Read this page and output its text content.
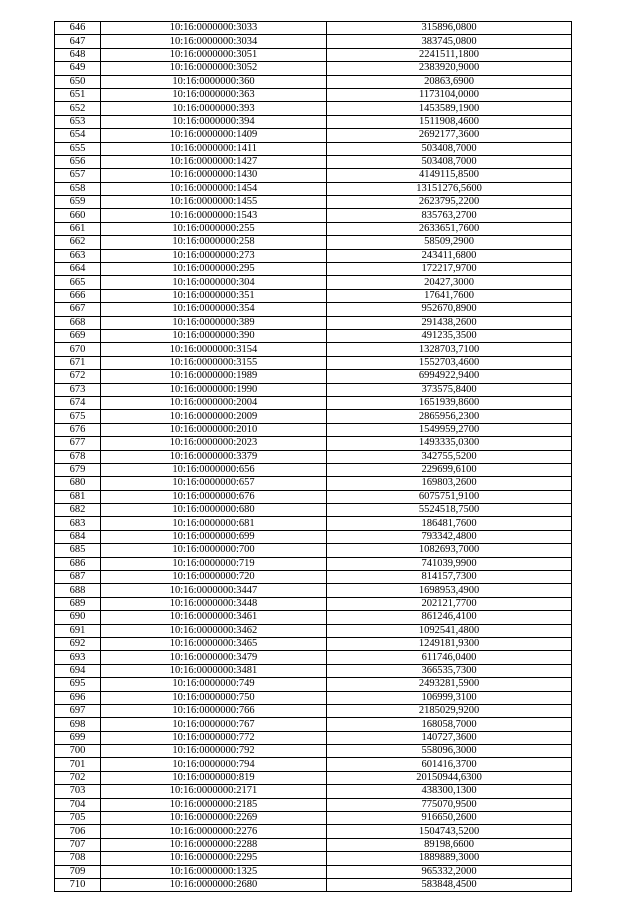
646	10:16:0000000:3033	315896,0800
647	10:16:0000000:3034	383745,0800
648	10:16:0000000:3051	2241511,1800
649	10:16:0000000:3052	2383920,9000
650	10:16:0000000:360	20863,6900
651	10:16:0000000:363	1173104,0000
652	10:16:0000000:393	1453589,1900
653	10:16:0000000:394	1511908,4600
654	10:16:0000000:1409	2692177,3600
655	10:16:0000000:1411	503408,7000
656	10:16:0000000:1427	503408,7000
657	10:16:0000000:1430	4149115,8500
658	10:16:0000000:1454	13151276,5600
659	10:16:0000000:1455	2623795,2200
660	10:16:0000000:1543	835763,2700
661	10:16:0000000:255	2633651,7600
662	10:16:0000000:258	58509,2900
663	10:16:0000000:273	243411,6800
664	10:16:0000000:295	172217,9700
665	10:16:0000000:304	20427,3000
666	10:16:0000000:351	17641,7600
667	10:16:0000000:354	952670,8900
668	10:16:0000000:389	291438,2600
669	10:16:0000000:390	491235,3500
670	10:16:0000000:3154	1328703,7100
671	10:16:0000000:3155	1552703,4600
672	10:16:0000000:1989	6994922,9400
673	10:16:0000000:1990	373575,8400
674	10:16:0000000:2004	1651939,8600
675	10:16:0000000:2009	2865956,2300
676	10:16:0000000:2010	1549959,2700
677	10:16:0000000:2023	1493335,0300
678	10:16:0000000:3379	342755,5200
679	10:16:0000000:656	229699,6100
680	10:16:0000000:657	169803,2600
681	10:16:0000000:676	6075751,9100
682	10:16:0000000:680	5524518,7500
683	10:16:0000000:681	186481,7600
684	10:16:0000000:699	793342,4800
685	10:16:0000000:700	1082693,7000
686	10:16:0000000:719	741039,9900
687	10:16:0000000:720	814157,7300
688	10:16:0000000:3447	1698953,4900
689	10:16:0000000:3448	202121,7700
690	10:16:0000000:3461	861246,4100
691	10:16:0000000:3462	1092541,4800
692	10:16:0000000:3465	1249181,9300
693	10:16:0000000:3479	611746,0400
694	10:16:0000000:3481	366535,7300
695	10:16:0000000:749	2493281,5900
696	10:16:0000000:750	106999,3100
697	10:16:0000000:766	2185029,9200
698	10:16:0000000:767	168058,7000
699	10:16:0000000:772	140727,3600
700	10:16:0000000:792	558096,3000
701	10:16:0000000:794	601416,3700
702	10:16:0000000:819	20150944,6300
703	10:16:0000000:2171	438300,1300
704	10:16:0000000:2185	775070,9500
705	10:16:0000000:2269	916650,2600
706	10:16:0000000:2276	1504743,5200
707	10:16:0000000:2288	89198,6600
708	10:16:0000000:2295	1889889,3000
709	10:16:0000000:1325	965332,2000
710	10:16:0000000:2680	583848,4500
